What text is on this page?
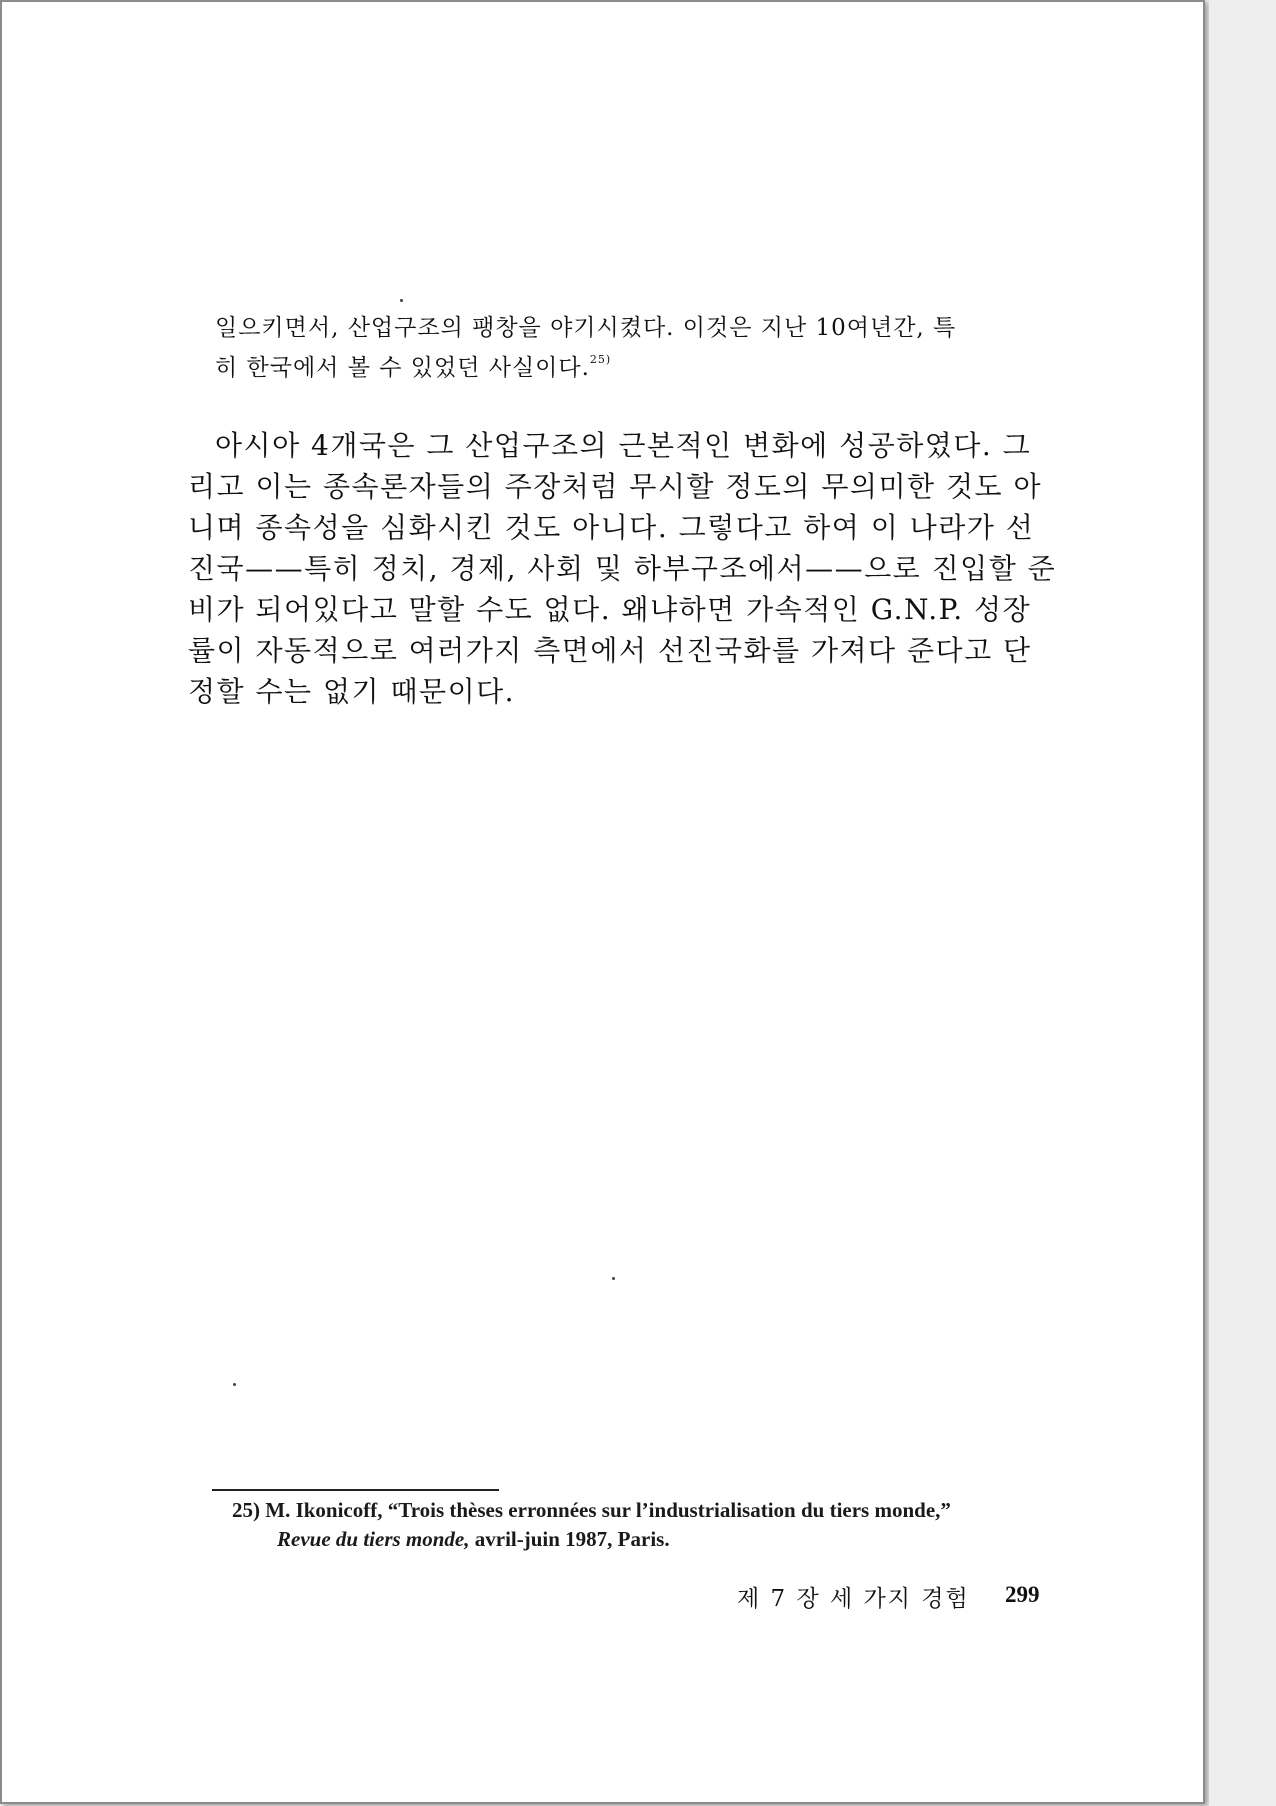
일으키면서, 산업구조의 팽창을 야기시켰다. 이것은 지난 10여년간, 특

히 한국에서 볼 수 있었던 사실이다.$^{25)}$

아시아 4개국은 그 산업구조의 근본적인 변화에 성공하였다. 그

리고 이는 종속론자들의 주장처럼 무시할 정도의 무의미한 것도 아

니며 종속성을 심화시킨 것도 아니다. 그렇다고 하여 이 나라가 선

진국——특히 정치, 경제, 사회 및 하부구조에서——으로 진입할 준

비가 되어있다고 말할 수도 없다. 왜냐하면 가속적인 G.N.P. 성장

률이 자동적으로 여러가지 측면에서 선진국화를 가져다 준다고 단

정할 수는 없기 때문이다.

25) M. Ikonicoff, “Trois thèses erronnées sur l’industrialisation du tiers monde,”

Revue du tiers monde, avril-juin 1987, Paris.

제 7 장 세 가지 경험 299
